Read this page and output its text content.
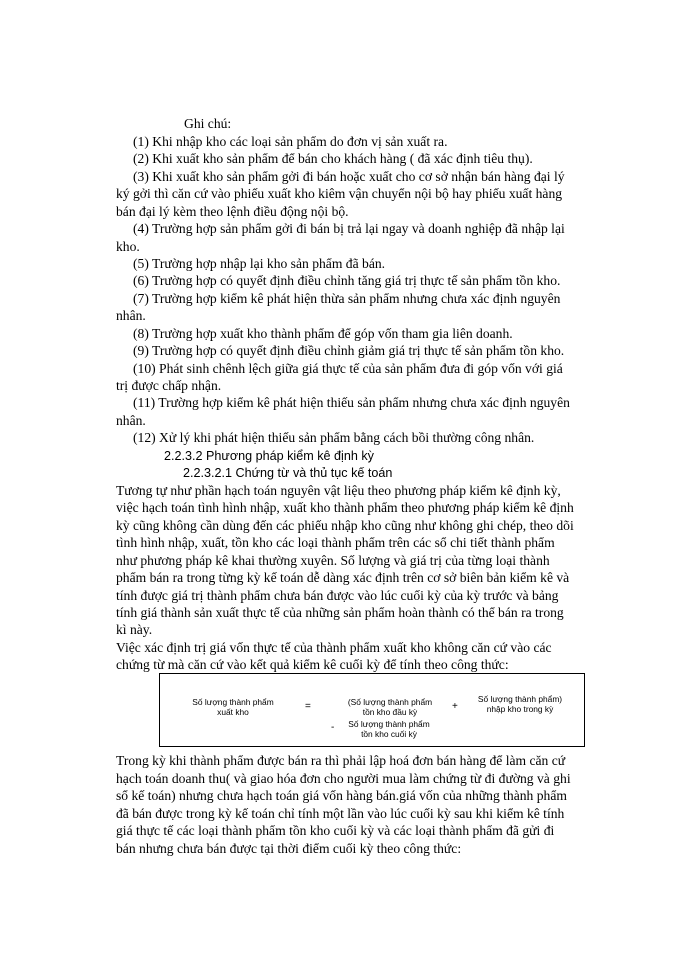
Ghi chú:
(1) Khi nhập kho các loại sản phẩm do đơn vị sản xuất ra.
(2) Khi xuất kho sản phẩm để bán cho khách hàng ( đã xác định tiêu thụ).
(3) Khi xuất kho sản phẩm gởi đi bán hoặc xuất cho cơ sở nhận bán hàng đại lý
ký gởi thì căn cứ vào phiếu xuất kho kiêm vận chuyển nội bộ hay phiếu xuất hàng
bán đại lý kèm theo lệnh điều động nội bộ.
(4) Trường hợp sản phẩm gởi đi bán bị trả lại ngay và doanh nghiệp đã nhập lại
kho.
(5) Trường hợp nhập lại kho sản phẩm đã bán.
(6) Trường hợp có quyết định điều chỉnh tăng giá trị thực tế sản phẩm tồn kho.
(7) Trường hợp kiểm kê phát hiện thừa sản phẩm nhưng chưa xác định nguyên
nhân.
(8) Trường hợp xuất kho thành phẩm để góp vốn tham gia liên doanh.
(9) Trường hợp có quyết định điều chỉnh giảm giá trị thực tế sản phẩm tồn kho.
(10) Phát sinh chênh lệch giữa giá thực tế của sản phẩm đưa đi góp vốn với giá
trị được chấp nhận.
(11) Trường hợp kiểm kê phát hiện thiếu sản phẩm nhưng chưa xác định nguyên
nhân.
(12) Xử lý khi phát hiện thiếu sản phẩm bằng cách bồi thường công nhân.
2.2.3.2 Phương pháp kiểm kê định kỳ
2.2.3.2.1 Chứng từ và thủ tục kế toán
Tương tự như phần hạch toán nguyên vật liệu theo phương pháp kiểm kê định kỳ,
việc hạch toán tình hình nhập, xuất kho thành phẩm theo phương pháp kiểm kê định
kỳ cũng không cần dùng đến các phiếu nhập kho cũng như không ghi chép, theo dõi
tình hình nhập, xuất, tồn kho các loại thành phẩm trên các sổ chi tiết thành phẩm
như phương pháp kê khai thường xuyên. Số lượng và giá trị của từng loại thành
phẩm bán ra trong từng kỳ kế toán dễ dàng xác định trên cơ sở biên bản kiểm kê và
tính được giá trị thành phẩm chưa bán được vào lúc cuối kỳ của kỳ trước và bảng
tính giá thành sản xuất thực tế của những sản phẩm hoàn thành có thể bán ra trong
kì này.
Việc xác định trị giá vốn thực tế của thành phẩm xuất kho không căn cứ vào các
chứng từ mà căn cứ vào kết quả kiểm kê cuối kỳ để tính theo công thức:
Số lượng thành phẩm
xuất kho	=	(Số lượng thành phẩm
tồn kho đầu kỳ	+
Số lượng thành phẩm)
nhập kho trong kỳ
-	Số lượng thành phẩm
tồn kho cuối kỳ
Trong kỳ khi thành phẩm được bán ra thì phải lập hoá đơn bán hàng để làm căn cứ
hạch toán doanh thu( và giao hóa đơn cho người mua làm chứng từ đi đường và ghi
sổ kế toán) nhưng chưa hạch toán giá vốn hàng bán.giá vốn của những thành phẩm
đã bán được trong kỳ kế toán chỉ tính một lần vào lúc cuối kỳ sau khi kiểm kê tính
giá thực tế các loại thành phẩm tồn kho cuối kỳ và các loại thành phẩm đã gửi đi
bán nhưng chưa bán được tại thời điểm cuối kỳ theo công thức:
